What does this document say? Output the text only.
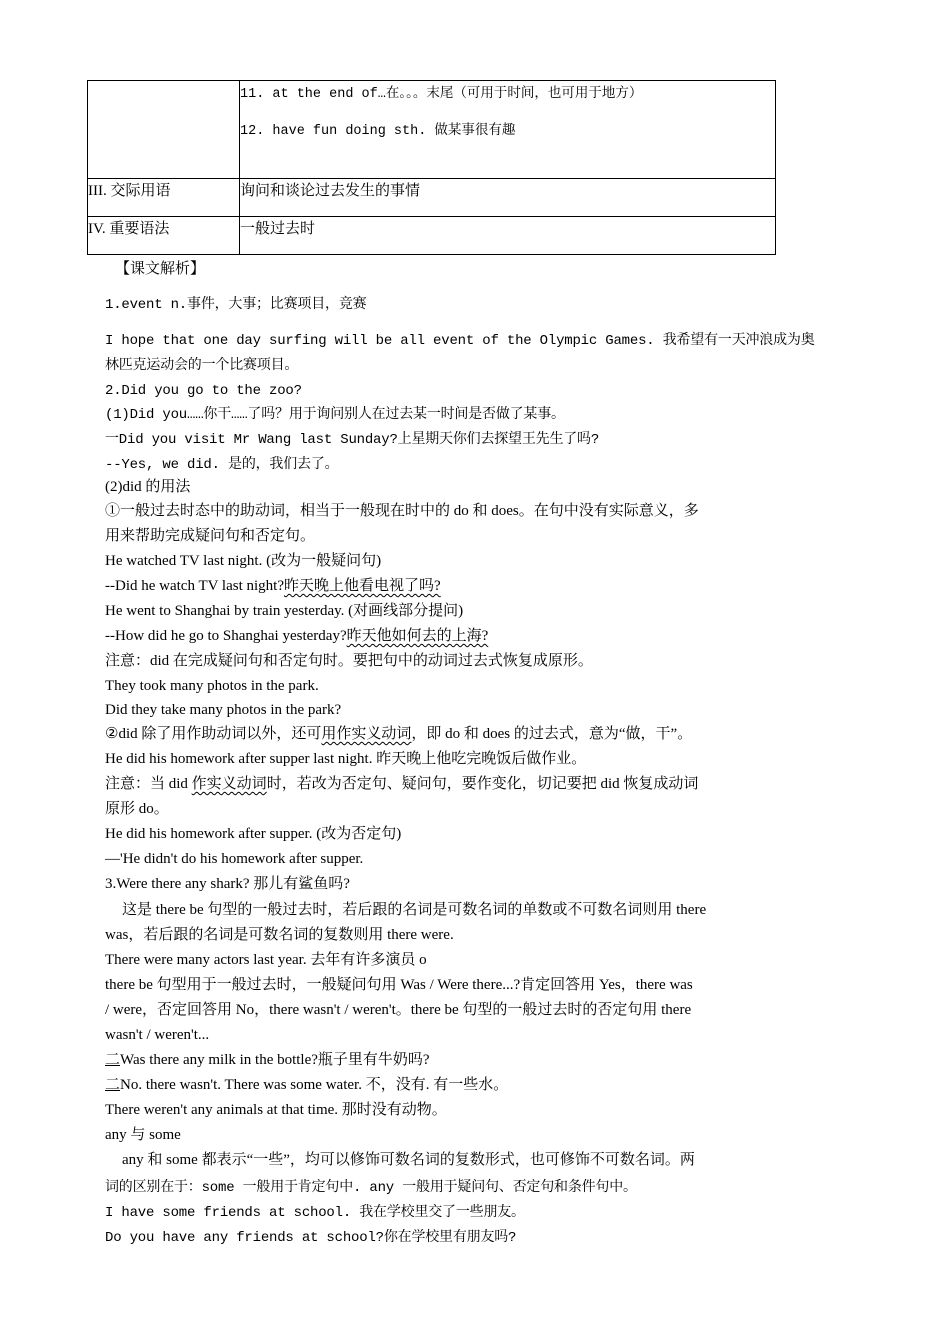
	11. at the end of…在。。。末尾（可用于时间，也可用于地方）
12. have fun doing sth. 做某事很有趣

III. 交际用语	询问和谈论过去发生的事情
IV. 重要语法	一般过去时
【课文解析】
1.event n.事件，大事；比赛项目，竞赛
I hope that one day surfing will be all event of the Olympic Games. 我希望有一天冲浪成为奥
林匹克运动会的一个比赛项目。
2.Did you go to the zoo?
(1)Did you……你干……了吗？用于询问别人在过去某一时间是否做了某事。
一Did you visit Mr Wang last Sunday?上星期天你们去探望王先生了吗?
--Yes, we did. 是的，我们去了。
(2)did 的用法
①一般过去时态中的助动词，相当于一般现在时中的 do 和 does。在句中没有实际意义，多
用来帮助完成疑问句和否定句。
He watched TV last night. (改为一般疑问句)
--Did he watch TV last night?昨天晚上他看电视了吗?
He went to Shanghai by train yesterday. (对画线部分提问)
--How did he go to Shanghai yesterday?昨天他如何去的上海?
注意：did 在完成疑问句和否定句时。要把句中的动词过去式恢复成原形。
They took many photos in the park.
Did they take many photos in the park?
②did 除了用作助动词以外，还可用作实义动词，即 do 和 does 的过去式，意为“做，干”。
He did his homework after supper last night. 昨天晚上他吃完晚饭后做作业。
注意：当 did 作实义动词时，若改为否定句、疑问句，要作变化，切记要把 did 恢复成动词
原形 do。
He did his homework after supper. (改为否定句)
—'He didn't do his homework after supper.
3.Were there any shark? 那儿有鲨鱼吗?
这是 there be 句型的一般过去时，若后跟的名词是可数名词的单数或不可数名词则用 there
was，若后跟的名词是可数名词的复数则用 there were.
There were many actors last year. 去年有许多演员 o
there be 句型用于一般过去时，一般疑问句用 Was / Were there...?肯定回答用 Yes，there was
/ were，否定回答用 No，there wasn't / weren't。there be 句型的一般过去时的否定句用 there
wasn't / weren't...
二Was there any milk in the bottle?瓶子里有牛奶吗?
二No. there wasn't. There was some water. 不，没有. 有一些水。
There weren't any animals at that time. 那时没有动物。
any 与 some
any 和 some 都表示“一些”，均可以修饰可数名词的复数形式，也可修饰不可数名词。两
词的区别在于：some 一般用于肯定句中. any 一般用于疑问句、否定句和条件句中。
I have some friends at school. 我在学校里交了一些朋友。
Do you have any friends at school?你在学校里有朋友吗?
